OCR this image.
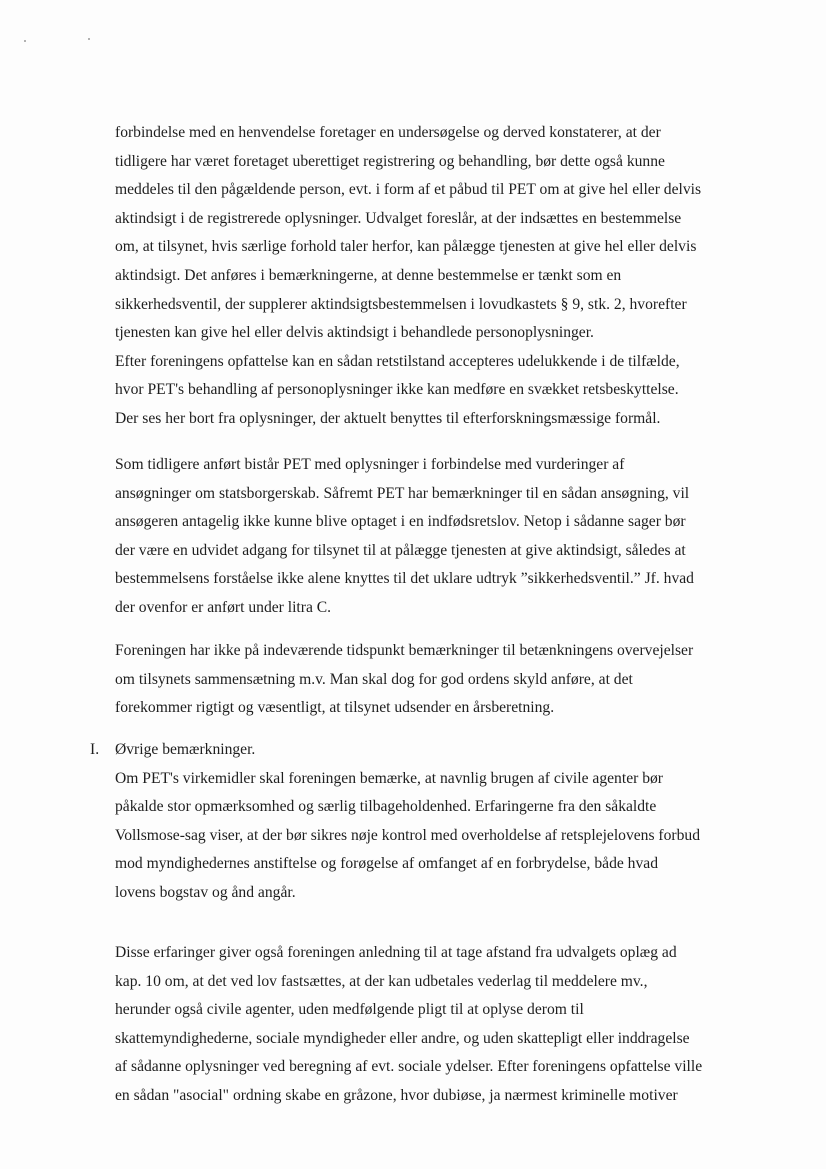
forbindelse med en henvendelse foretager en undersøgelse og derved konstaterer, at der
tidligere har været foretaget uberettiget registrering og behandling, bør dette også kunne
meddeles til den pågældende person, evt. i form af et påbud til PET om at give hel eller delvis
aktindsigt i de registrerede oplysninger. Udvalget foreslår, at der indsættes en bestemmelse
om, at tilsynet, hvis særlige forhold taler herfor, kan pålægge tjenesten at give hel eller delvis
aktindsigt. Det anføres i bemærkningerne, at denne bestemmelse er tænkt som en
sikkerhedsventil, der supplerer aktindsigtsbestemmelsen i lovudkastets § 9, stk. 2, hvorefter
tjenesten kan give hel eller delvis aktindsigt i behandlede personoplysninger.
Efter foreningens opfattelse kan en sådan retstilstand accepteres udelukkende i de tilfælde,
hvor PET's behandling af personoplysninger ikke kan medføre en svækket retsbeskyttelse.
Der ses her bort fra oplysninger, der aktuelt benyttes til efterforskningsmæssige formål.
Som tidligere anført bistår PET med oplysninger i forbindelse med vurderinger af
ansøgninger om statsborgerskab. Såfremt PET har bemærkninger til en sådan ansøgning, vil
ansøgeren antagelig ikke kunne blive optaget i en indfødsretslov. Netop i sådanne sager bør
der være en udvidet adgang for tilsynet til at pålægge tjenesten at give aktindsigt, således at
bestemmelsens forståelse ikke alene knyttes til det uklare udtryk ”sikkerhedsventil.” Jf. hvad
der ovenfor er anført under litra C.
Foreningen har ikke på indeværende tidspunkt bemærkninger til betænkningens overvejelser
om tilsynets sammensætning m.v. Man skal dog for god ordens skyld anføre, at det
forekommer rigtigt og væsentligt, at tilsynet udsender en årsberetning.
I. Øvrige bemærkninger.
Om PET's virkemidler skal foreningen bemærke, at navnlig brugen af civile agenter bør
påkalde stor opmærksomhed og særlig tilbageholdenhed. Erfaringerne fra den såkaldte
Vollsmose-sag viser, at der bør sikres nøje kontrol med overholdelse af retsplejelovens forbud
mod myndighedernes anstiftelse og forøgelse af omfanget af en forbrydelse, både hvad
lovens bogstav og ånd angår.
Disse erfaringer giver også foreningen anledning til at tage afstand fra udvalgets oplæg ad
kap. 10 om, at det ved lov fastsættes, at der kan udbetales vederlag til meddelere mv.,
herunder også civile agenter, uden medfølgende pligt til at oplyse derom til
skattemyndighederne, sociale myndigheder eller andre, og uden skattepligt eller inddragelse
af sådanne oplysninger ved beregning af evt. sociale ydelser. Efter foreningens opfattelse ville
en sådan "asocial" ordning skabe en gråzone, hvor dubiøse, ja nærmest kriminelle motiver
